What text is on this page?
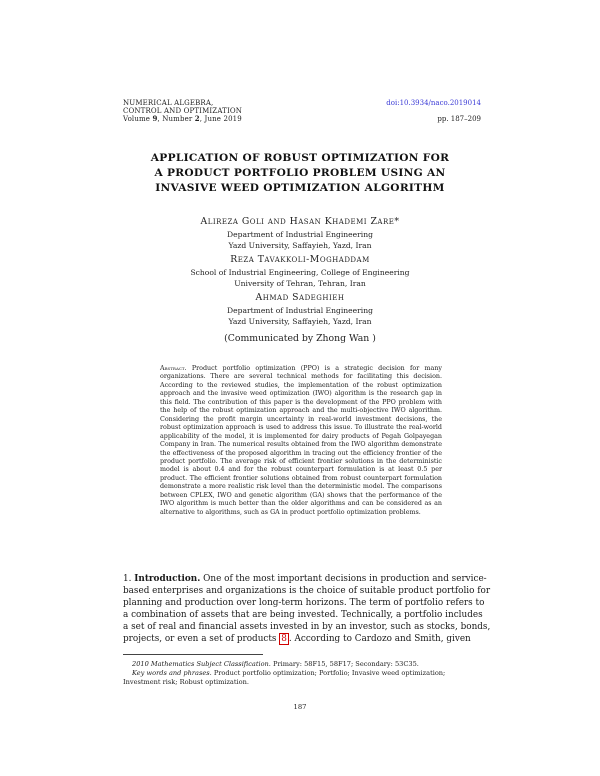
NUMERICAL ALGEBRA,
CONTROL AND OPTIMIZATION
Volume 9, Number 2, June 2019
doi:10.3934/naco.2019014
pp. 187–209
APPLICATION OF ROBUST OPTIMIZATION FOR
A PRODUCT PORTFOLIO PROBLEM USING AN
INVASIVE WEED OPTIMIZATION ALGORITHM
Alireza Goli and Hasan Khademi Zare*
Department of Industrial Engineering
Yazd University, Saffayieh, Yazd, Iran
Reza Tavakkoli-Moghaddam
School of Industrial Engineering, College of Engineering
University of Tehran, Tehran, Iran
Ahmad Sadeghieh
Department of Industrial Engineering
Yazd University, Saffayieh, Yazd, Iran
(Communicated by Zhong Wan )
Abstract. Product portfolio optimization (PPO) is a strategic decision for many organizations. There are several technical methods for facilitating this decision. According to the reviewed studies, the implementation of the robust optimization approach and the invasive weed optimization (IWO) algorithm is the research gap in this field. The contribution of this paper is the development of the PPO problem with the help of the robust optimization approach and the multi-objective IWO algorithm. Considering the profit margin uncertainty in real-world investment decisions, the robust optimization approach is used to address this issue. To illustrate the real-world applicability of the model, it is implemented for dairy products of Pegah Golpayegan Company in Iran. The numerical results obtained from the IWO algorithm demonstrate the effectiveness of the proposed algorithm in tracing out the efficiency frontier of the product portfolio. The average risk of efficient frontier solutions in the deterministic model is about 0.4 and for the robust counterpart formulation is at least 0.5 per product. The efficient frontier solutions obtained from robust counterpart formulation demonstrate a more realistic risk level than the deterministic model. The comparisons between CPLEX, IWO and genetic algorithm (GA) shows that the performance of the IWO algorithm is much better than the older algorithms and can be considered as an alternative to algorithms, such as GA in product portfolio optimization problems.
1. Introduction. One of the most important decisions in production and service-
based enterprises and organizations is the choice of suitable product portfolio for
planning and production over long-term horizons. The term of portfolio refers to
a combination of assets that are being invested. Technically, a portfolio includes
a set of real and financial assets invested in by an investor, such as stocks, bonds,
projects, or even a set of products 8 . According to Cardozo and Smith, given
2010 Mathematics Subject Classification. Primary: 58F15, 58F17; Secondary: 53C35.
Key words and phrases. Product portfolio optimization; Portfolio; Invasive weed optimization;
Investment risk; Robust optimization.
187
